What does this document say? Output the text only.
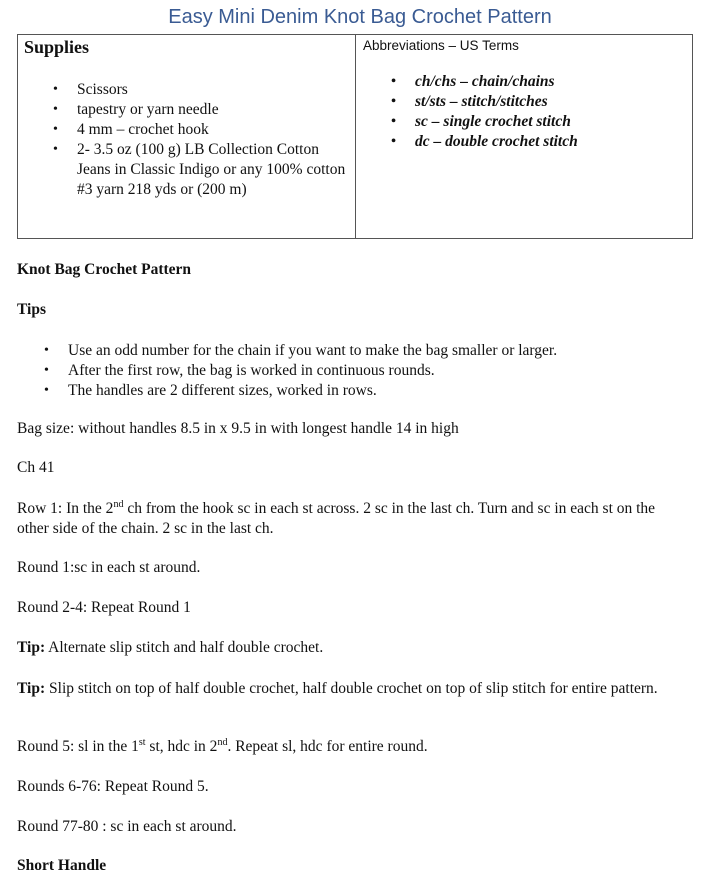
Easy Mini Denim Knot Bag Crochet Pattern
Supplies
• Scissors
• tapestry or yarn needle
• 4 mm – crochet hook
• 2- 3.5 oz (100 g) LB Collection Cotton Jeans in Classic Indigo or any 100% cotton #3 yarn 218 yds or (200 m)

Abbreviations – US Terms
• ch/chs – chain/chains
• st/sts – stitch/stitches
• sc – single crochet stitch
• dc – double crochet stitch
Knot Bag Crochet Pattern
Tips
• Use an odd number for the chain if you want to make the bag smaller or larger.
• After the first row, the bag is worked in continuous rounds.
• The handles are 2 different sizes, worked in rows.
Bag size: without handles 8.5 in x 9.5 in with longest handle 14 in high
Ch 41
Row 1: In the 2nd ch from the hook sc in each st across. 2 sc in the last ch. Turn and sc in each st on the other side of the chain. 2 sc in the last ch.
Round 1:sc in each st around.
Round 2-4: Repeat Round 1
Tip: Alternate slip stitch and half double crochet.
Tip: Slip stitch on top of half double crochet, half double crochet on top of slip stitch for entire pattern.
Round 5: sl in the 1st st, hdc in 2nd. Repeat sl, hdc for entire round.
Rounds 6-76: Repeat Round 5.
Round 77-80 : sc in each st around.
Short Handle
